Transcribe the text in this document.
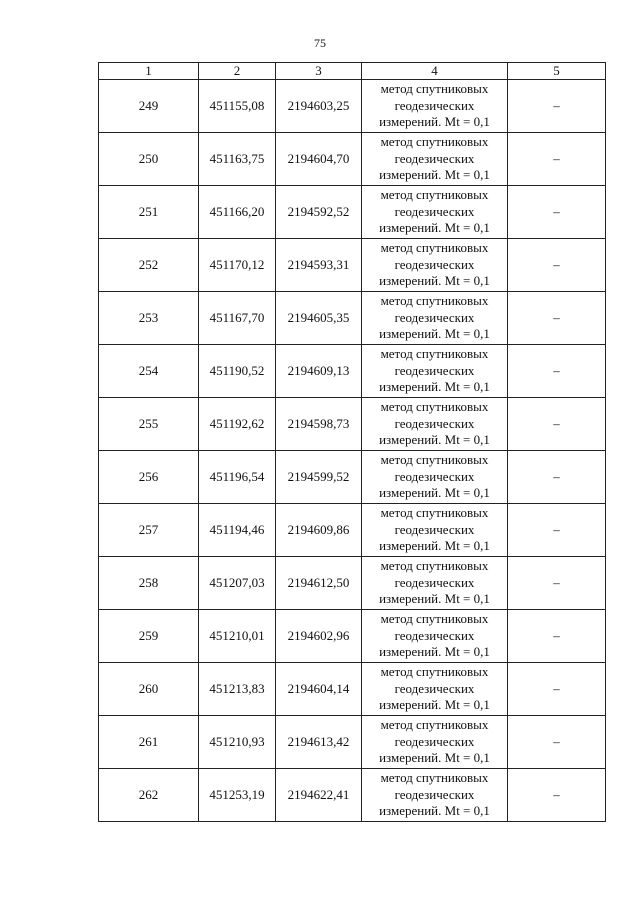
75
1	2	3	4	5
249	451155,08	2194603,25	метод спутниковых
геодезических
измерений. Mt = 0,1	–
250	451163,75	2194604,70	метод спутниковых
геодезических
измерений. Mt = 0,1	–
251	451166,20	2194592,52	метод спутниковых
геодезических
измерений. Mt = 0,1	–
252	451170,12	2194593,31	метод спутниковых
геодезических
измерений. Mt = 0,1	–
253	451167,70	2194605,35	метод спутниковых
геодезических
измерений. Mt = 0,1	–
254	451190,52	2194609,13	метод спутниковых
геодезических
измерений. Mt = 0,1	–
255	451192,62	2194598,73	метод спутниковых
геодезических
измерений. Mt = 0,1	–
256	451196,54	2194599,52	метод спутниковых
геодезических
измерений. Mt = 0,1	–
257	451194,46	2194609,86	метод спутниковых
геодезических
измерений. Mt = 0,1	–
258	451207,03	2194612,50	метод спутниковых
геодезических
измерений. Mt = 0,1	–
259	451210,01	2194602,96	метод спутниковых
геодезических
измерений. Mt = 0,1	–
260	451213,83	2194604,14	метод спутниковых
геодезических
измерений. Mt = 0,1	–
261	451210,93	2194613,42	метод спутниковых
геодезических
измерений. Mt = 0,1	–
262	451253,19	2194622,41	метод спутниковых
геодезических
измерений. Mt = 0,1	–
